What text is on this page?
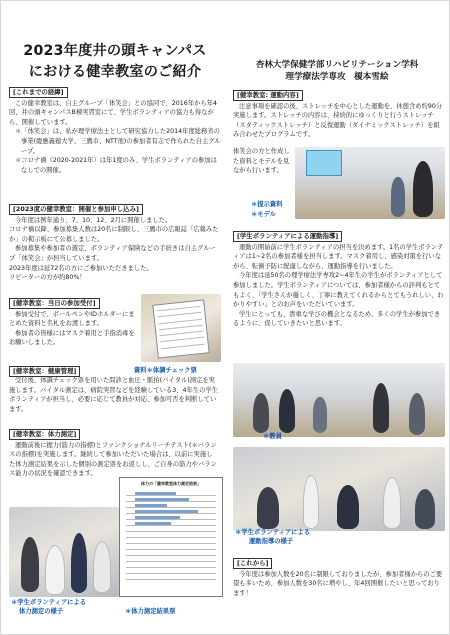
2023年度井の頭キャンパス
における健幸教室のご紹介
[これまでの経緯]
この健幸教室は、自主グループ「体笑会」との協同で、2016年から年4回、井の頭キャンパスB棟実習室にて、学生ボランティアの協力も得ながら、開催しています。
＊「体笑会」は、私が理学療法士として研究協力した2014年度総務省の事業(慶應義塾大学、三鷹市、NTT他)の参加者有志で作られた自主グループ。
＊コロナ禍（2020-2021年）は年1度のみ、学生ボランティアの参加はなしでの開催。
[2023度の健幸教室：開催と参加申し込み]
今年度は例年通り、7、10、12、2月に開催しました。
コロナ禍以降、参加募集人数は20名に制限し、三鷹市の広報誌「広報みたか」の掲示板にて公募しました。
参加募集や参加者の選定、ボランティア保険などの手続きは自主グループ「体笑会」が担当しています。
2023年度は延72名の方にご参加いただきました。
リピーターの方が約80%！
[健幸教室：当日の参加受付]
参加受付で、ボールペンやIDホルダーにまとめた資料と名札をお渡します。
参加者の皆様にはマスク着用と手指消毒をお願いしました。
[健幸教室：健康管理]	資料＊体調チェック票
受付後、体調チェック票を用いた問診と血圧・脈拍(バイタル)測定を実施します。バイタル測定は、病院実習などを経験している3、4年生の学生ボランティアが担当し、必要に応じて教員が対応、参加可否を判断しています。
[健幸教室：体力測定]
運動前後に握力(筋力の指標)とファンクショナルリーチテスト(＊バランスの指標)を実施します。継続して参加いただいた場合は、以前に実施した体力測定結果を示した個別の測定票をお返しし、ご自身の筋力やバランス能力の状況を確認できます。
体力の「健幸教室体力測定結果」
＊学生ボランティアによる
体力測定の様子	＊体力測定結果票
杏林大学保健学部リハビリテーション学科
理学療法学専攻　榎本雪絵
[健幸教室: 運動内容]
注意事項を確認の後、ストレッチを中心とした運動を、休憩含め約90分実施します。ストレッチの内容は、持続的にゆっくりと行うストレッチ（スタティックストレッチ）と反復運動（ダイナミックストレッチ）を組み合わせたプログラムです。
体笑会の方と作成した資料とモデルを見ながら行います。
＊提示資料
＊モデル
[学生ボランティアによる運動指導]
運動の開始前に学生ボランティアの担当を決めます。1名の学生ボランティアは1~2名の参加者様を担当します。マスク着用し、感染対策を行いながら、転倒予防に配慮しながら、運動指導を行いました。
今年度は延50名の理学療法学専攻2~4年生の学生がボランティアとして参加しました。学生ボランティアについては、参加者様からの評判もとてもよく、「学生さんが優しく、丁寧に教えてくれるからとてもうれしい、わかりやすい」とのお声をいただいています。
学生にとっても、貴重な学びの機会となるため、多くの学生が参加できるように、促していきたいと思います。
＊教員
＊学生ボランティアによる
運動指導の様子
[これから]
今年度は参加人数を20名に制限しておりましたが、参加者様からのご要望も多いため、参加人数を30名に増やし、年4回開催したいと思っております！
